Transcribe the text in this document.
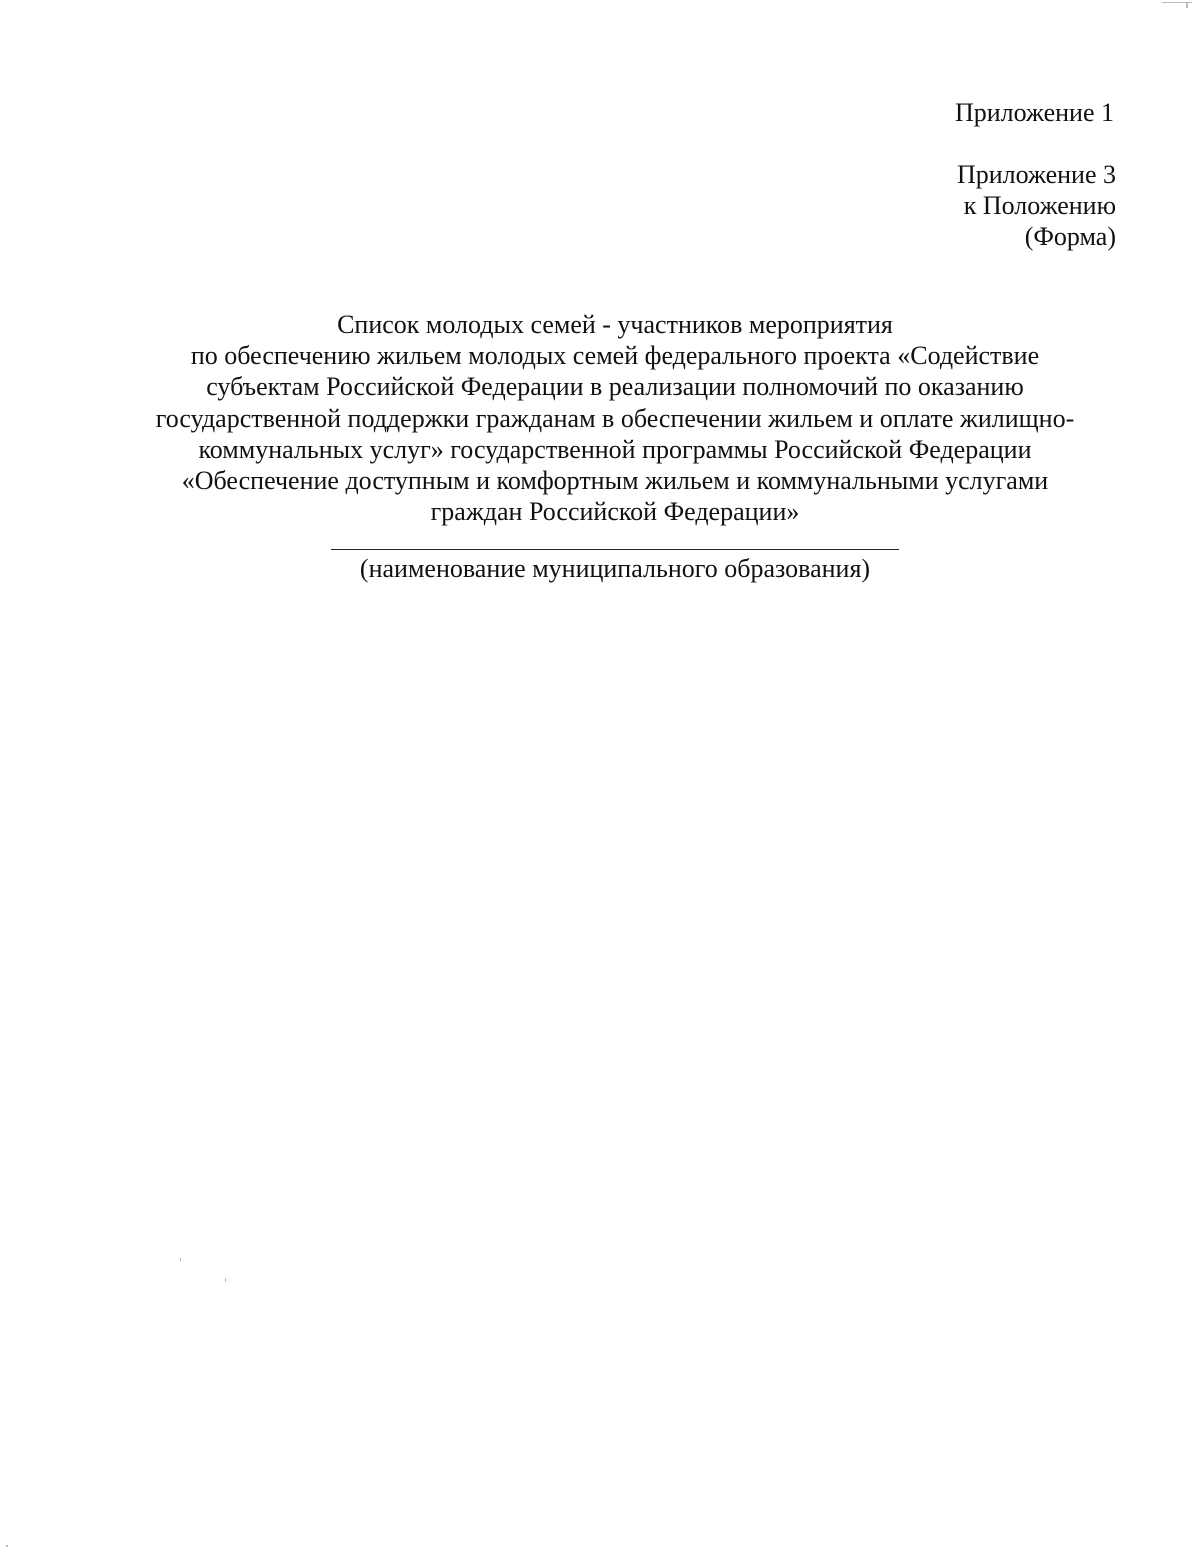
Приложение 1
Приложение 3
к Положению
(Форма)
Список молодых семей - участников мероприятия
по обеспечению жильем молодых семей федерального проекта «Содействие
субъектам Российской Федерации в реализации полномочий по оказанию
государственной поддержки гражданам в обеспечении жильем и оплате жилищно-
коммунальных услуг» государственной программы Российской Федерации
«Обеспечение доступным и комфортным жильем и коммунальными услугами
граждан Российской Федерации»
(наименование муниципального образования)
